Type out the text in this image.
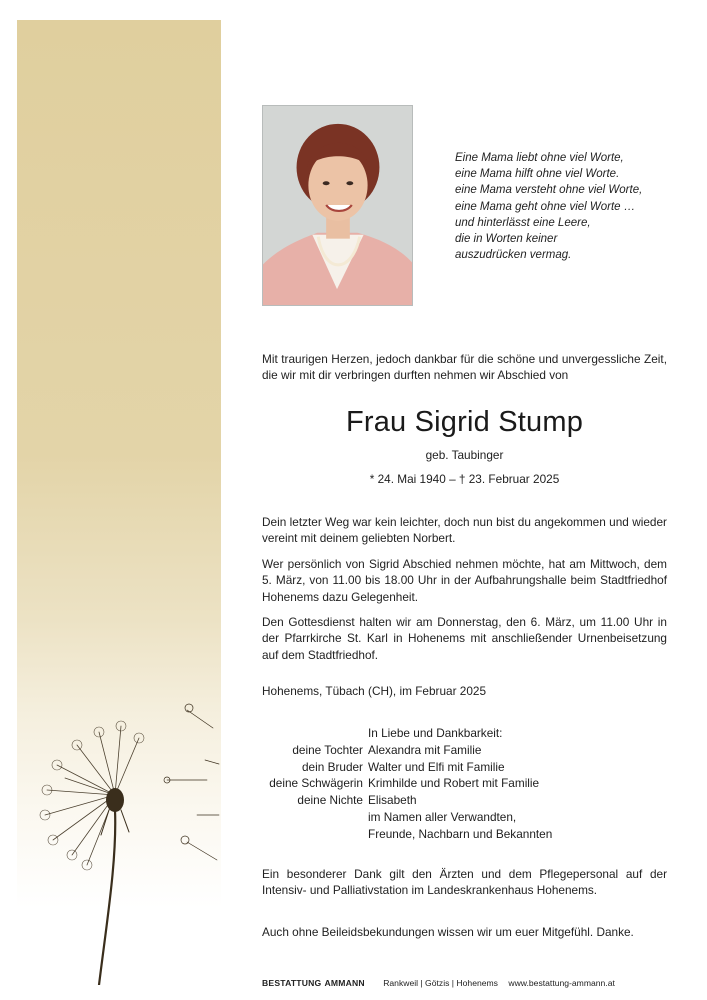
Eine Mama liebt ohne viel Worte,
eine Mama hilft ohne viel Worte.
eine Mama versteht ohne viel Worte,
eine Mama geht ohne viel Worte …
und hinterlässt eine Leere,
die in Worten keiner
auszudrücken vermag.
Mit traurigen Herzen, jedoch dankbar für die schöne und unvergessliche Zeit, die wir mit dir verbringen durften nehmen wir Abschied von
Frau Sigrid Stump
geb. Taubinger
* 24. Mai 1940 – † 23. Februar 2025
Dein letzter Weg war kein leichter, doch nun bist du angekommen und wieder vereint mit deinem geliebten Norbert.
Wer persönlich von Sigrid Abschied nehmen möchte, hat am Mittwoch, dem 5. März, von 11.00 bis 18.00 Uhr in der Aufbahrungshalle beim Stadtfriedhof Hohenems dazu Gelegenheit.
Den Gottesdienst halten wir am Donnerstag, den 6. März, um 11.00 Uhr in der Pfarrkirche St. Karl in Hohenems mit anschließender Urnenbeisetzung auf dem Stadtfriedhof.
Hohenems, Tübach (CH), im Februar 2025
In Liebe und Dankbarkeit:
deine Tochter Alexandra mit Familie
dein Bruder Walter und Elfi mit Familie
deine Schwägerin Krimhilde und Robert mit Familie
deine Nichte Elisabeth
im Namen aller Verwandten,
Freunde, Nachbarn und Bekannten
Ein besonderer Dank gilt den Ärzten und dem Pflegepersonal auf der Intensiv- und Palliativstation im Landeskrankenhaus Hohenems.
Auch ohne Beileidsbekundungen wissen wir um euer Mitgefühl. Danke.
BESTATTUNG AMMANN Rankweil | Götzis | Hohenems www.bestattung-ammann.at
